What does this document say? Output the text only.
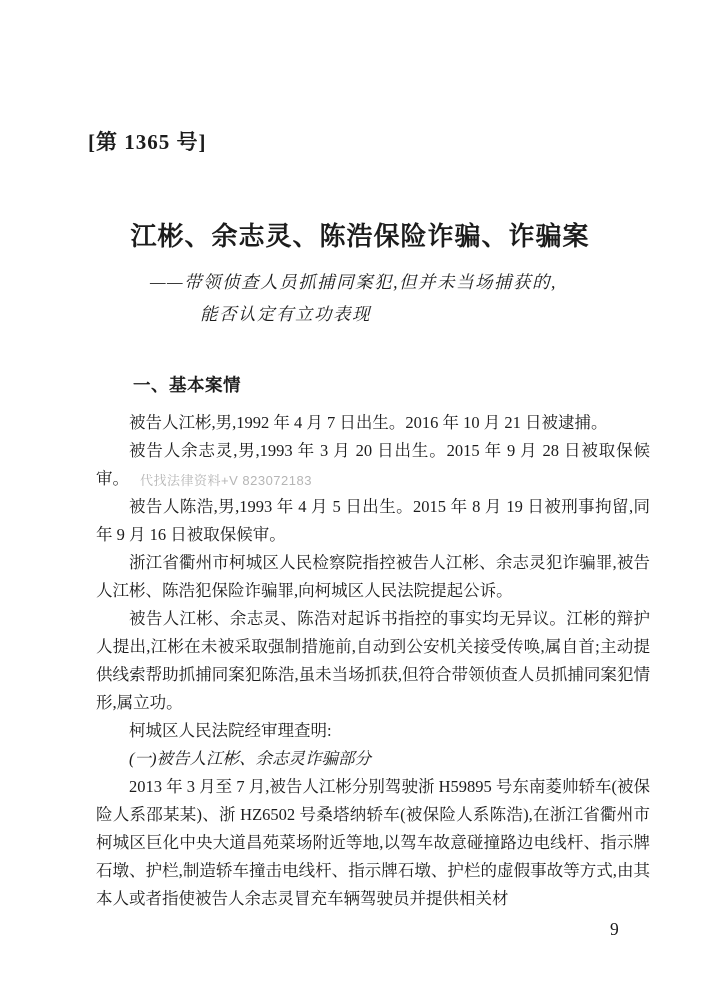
[第 1365 号]
江彬、余志灵、陈浩保险诈骗、诈骗案
——带领侦查人员抓捕同案犯,但并未当场捕获的,
能否认定有立功表现
一、基本案情

被告人江彬,男,1992 年 4 月 7 日出生。2016 年 10 月 21 日被逮捕。

被告人余志灵,男,1993 年 3 月 20 日出生。2015 年 9 月 28 日被取保候审。

被告人陈浩,男,1993 年 4 月 5 日出生。2015 年 8 月 19 日被刑事拘留,同年 9 月 16 日被取保候审。

浙江省衢州市柯城区人民检察院指控被告人江彬、余志灵犯诈骗罪,被告人江彬、陈浩犯保险诈骗罪,向柯城区人民法院提起公诉。

被告人江彬、余志灵、陈浩对起诉书指控的事实均无异议。江彬的辩护人提出,江彬在未被采取强制措施前,自动到公安机关接受传唤,属自首;主动提供线索帮助抓捕同案犯陈浩,虽未当场抓获,但符合带领侦查人员抓捕同案犯情形,属立功。

柯城区人民法院经审理查明:

(一)被告人江彬、余志灵诈骗部分

2013 年 3 月至 7 月,被告人江彬分别驾驶浙 H59895 号东南菱帅轿车(被保险人系邵某某)、浙 HZ6502 号桑塔纳轿车(被保险人系陈浩),在浙江省衢州市柯城区巨化中央大道昌苑菜场附近等地,以驾车故意碰撞路边电线杆、指示牌石墩、护栏,制造轿车撞击电线杆、指示牌石墩、护栏的虚假事故等方式,由其本人或者指使被告人余志灵冒充车辆驾驶员并提供相关材

代找法律资料+V 823072183
9
